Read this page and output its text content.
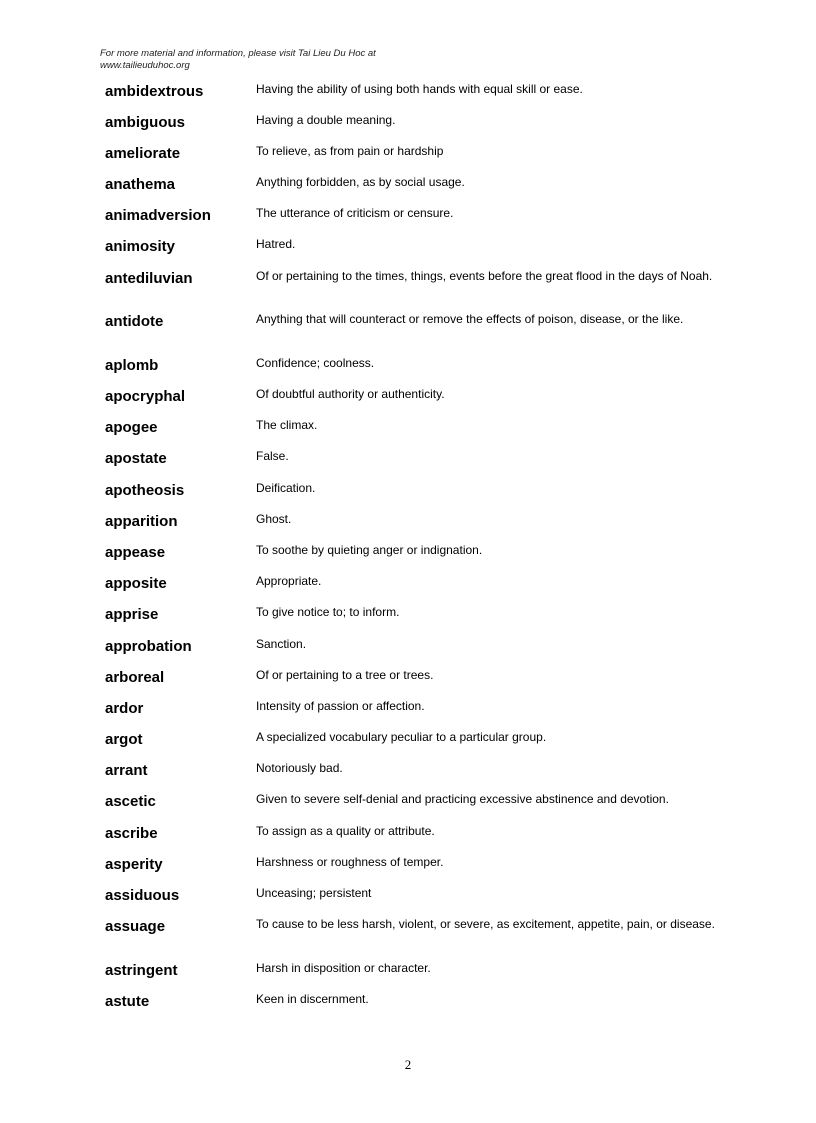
For more material and information, please visit Tai Lieu Du Hoc at
www.tailieuduhoc.org
ambidextrous	Having the ability of using both hands with equal skill or ease.
ambiguous	Having a double meaning.
ameliorate	To relieve, as from pain or hardship
anathema	Anything forbidden, as by social usage.
animadversion	The utterance of criticism or censure.
animosity	Hatred.
antediluvian	Of or pertaining to the times, things, events before the great flood in the days of Noah.
antidote	Anything that will counteract or remove the effects of poison, disease, or the like.
aplomb	Confidence; coolness.
apocryphal	Of doubtful authority or authenticity.
apogee	The climax.
apostate	False.
apotheosis	Deification.
apparition	Ghost.
appease	To soothe by quieting anger or indignation.
apposite	Appropriate.
apprise	To give notice to; to inform.
approbation	Sanction.
arboreal	Of or pertaining to a tree or trees.
ardor	Intensity of passion or affection.
argot	A specialized vocabulary peculiar to a particular group.
arrant	Notoriously bad.
ascetic	Given to severe self-denial and practicing excessive abstinence and devotion.
ascribe	To assign as a quality or attribute.
asperity	Harshness or roughness of temper.
assiduous	Unceasing; persistent
assuage	To cause to be less harsh, violent, or severe, as excitement, appetite, pain, or disease.
astringent	Harsh in disposition or character.
astute	Keen in discernment.
2
